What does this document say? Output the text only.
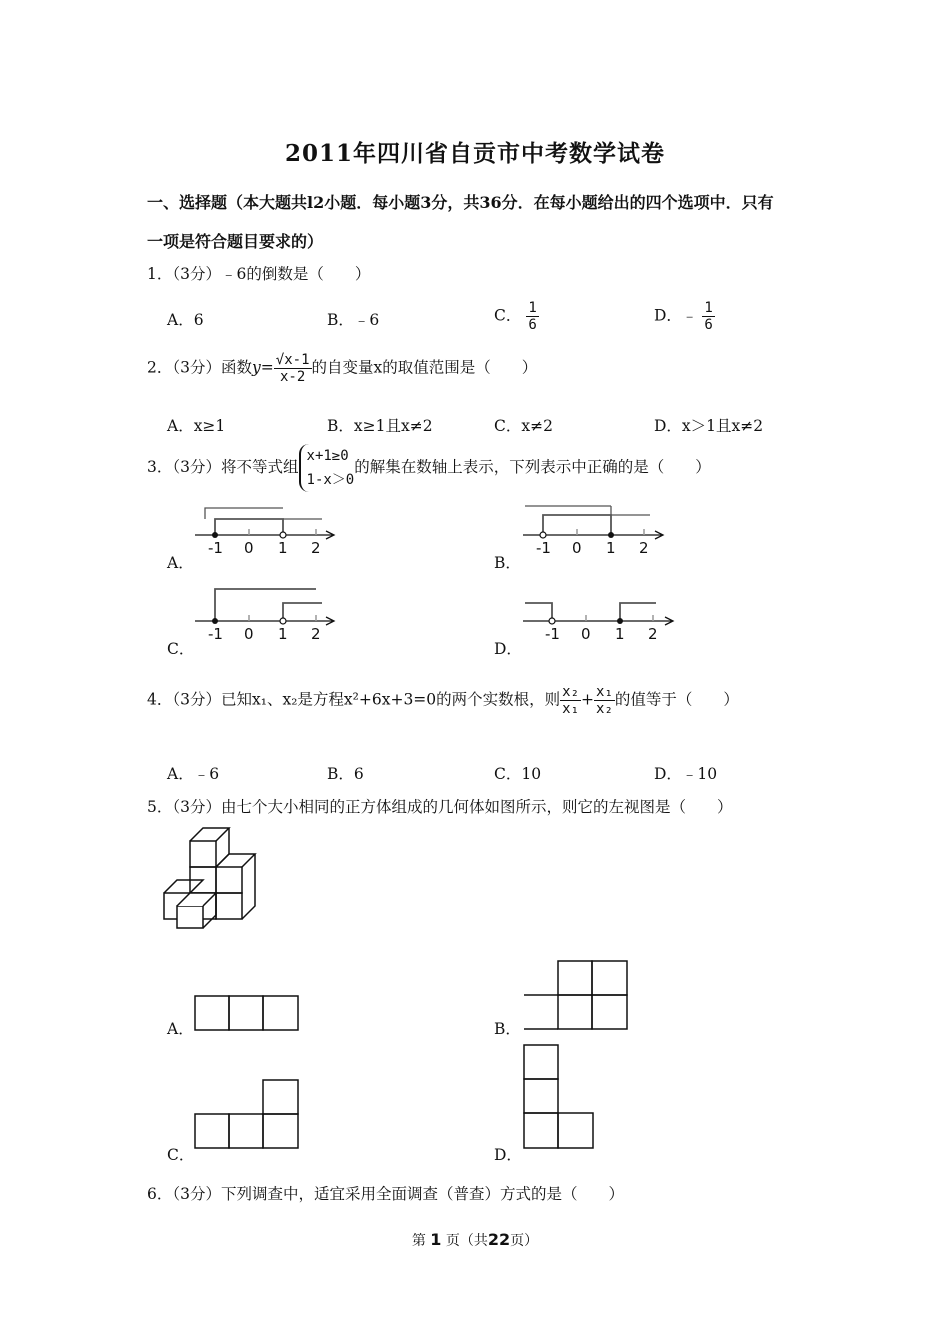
2011年四川省自贡市中考数学试卷
一、选择题（本大题共l2小题．每小题3分，共36分．在每小题给出的四个选项中．只有
一项是符合题目要求的）
1．（3分）﹣6的倒数是（　　）
A．6	B．﹣6	C． $\frac{1}{6}$	D．﹣ $\frac{1}{6}$
2．（3分）函数$y= \frac{√x-1}{x-2}$ 的自变量x的取值范围是（　　）
A．x≥1	B．x≥1且x≠2	C．x≠2	D．x＞1且x≠2
3．（3分）将不等式组
x+1≥0
1-x＞0
的解集在数轴上表示，下列表示中正确的是（　　）
A．	B．
C．	D．
-1 0 1 2	-1 0 1 2
-1 0 1 2	-1 0 1 2
4．（3分）已知x₁、x₂是方程x²+6x+3=0的两个实数根，则 $\frac{\text{x₂}}{\text{x₁}} + \frac{\text{x₁}}{\text{x₂}}$ 的值等于（　　）
A．﹣6	B．6	C．10	D．﹣10
5．（3分）由七个大小相同的正方体组成的几何体如图所示，则它的左视图是（　　）
A．	B．
C．	D．
6．（3分）下列调查中，适宜采用全面调查（普查）方式的是（　　）
第 1 页（共22页）
